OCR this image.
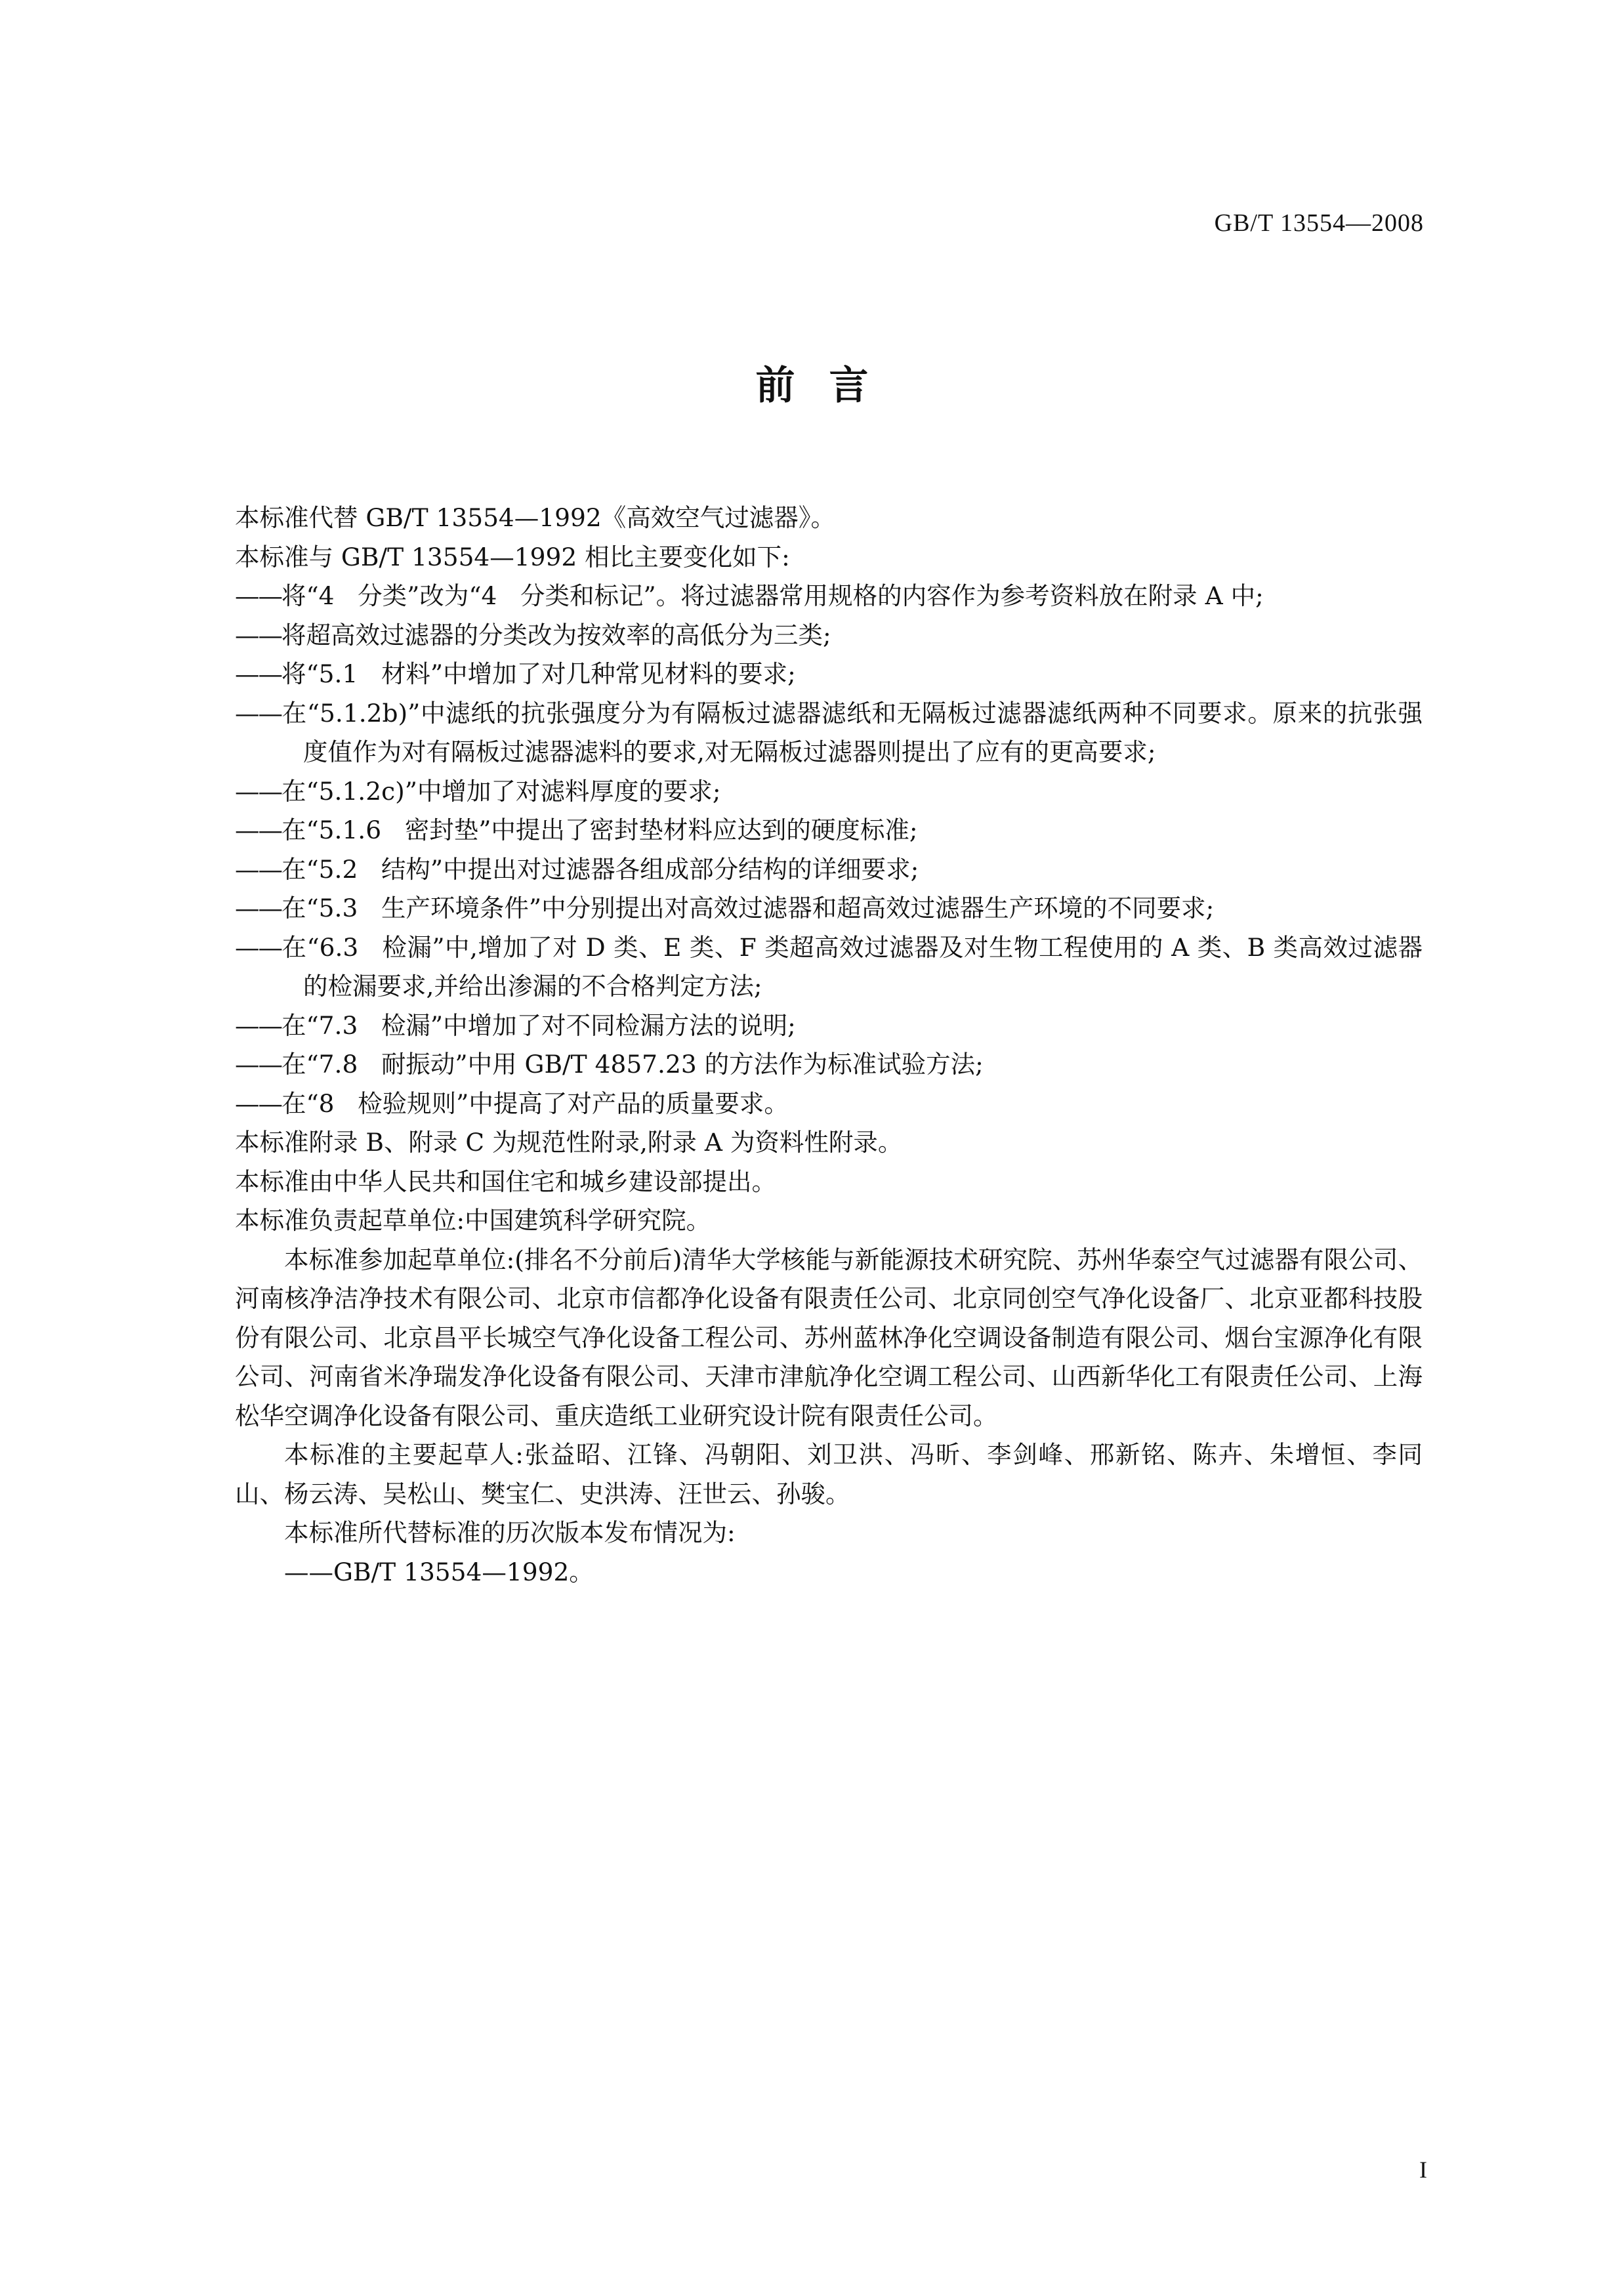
GB/T 13554—2008
前言

本标准代替 GB/T 13554—1992《高效空气过滤器》。

本标准与 GB/T 13554—1992 相比主要变化如下:

——将“4 分类”改为“4 分类和标记”。将过滤器常用规格的内容作为参考资料放在附录 A 中;

——将超高效过滤器的分类改为按效率的高低分为三类;

——将“5.1 材料”中增加了对几种常见材料的要求;

——在“5.1.2b)”中滤纸的抗张强度分为有隔板过滤器滤纸和无隔板过滤器滤纸两种不同要求。原来的抗张强度值作为对有隔板过滤器滤料的要求,对无隔板过滤器则提出了应有的更高要求;

——在“5.1.2c)”中增加了对滤料厚度的要求;

——在“5.1.6 密封垫”中提出了密封垫材料应达到的硬度标准;

——在“5.2 结构”中提出对过滤器各组成部分结构的详细要求;

——在“5.3 生产环境条件”中分别提出对高效过滤器和超高效过滤器生产环境的不同要求;

——在“6.3 检漏”中,增加了对 D 类、E 类、F 类超高效过滤器及对生物工程使用的 A 类、B 类高效过滤器的检漏要求,并给出渗漏的不合格判定方法;

——在“7.3 检漏”中增加了对不同检漏方法的说明;

——在“7.8 耐振动”中用 GB/T 4857.23 的方法作为标准试验方法;

——在“8 检验规则”中提高了对产品的质量要求。

本标准附录 B、附录 C 为规范性附录,附录 A 为资料性附录。

本标准由中华人民共和国住宅和城乡建设部提出。

本标准负责起草单位:中国建筑科学研究院。

本标准参加起草单位:(排名不分前后)清华大学核能与新能源技术研究院、苏州华泰空气过滤器有限公司、河南核净洁净技术有限公司、北京市信都净化设备有限责任公司、北京同创空气净化设备厂、北京亚都科技股份有限公司、北京昌平长城空气净化设备工程公司、苏州蓝林净化空调设备制造有限公司、烟台宝源净化有限公司、河南省米净瑞发净化设备有限公司、天津市津航净化空调工程公司、山西新华化工有限责任公司、上海松华空调净化设备有限公司、重庆造纸工业研究设计院有限责任公司。

本标准的主要起草人:张益昭、江锋、冯朝阳、刘卫洪、冯昕、李剑峰、邢新铭、陈卉、朱增恒、李同山、杨云涛、吴松山、樊宝仁、史洪涛、汪世云、孙骏。

本标准所代替标准的历次版本发布情况为:

——GB/T 13554—1992。

I
